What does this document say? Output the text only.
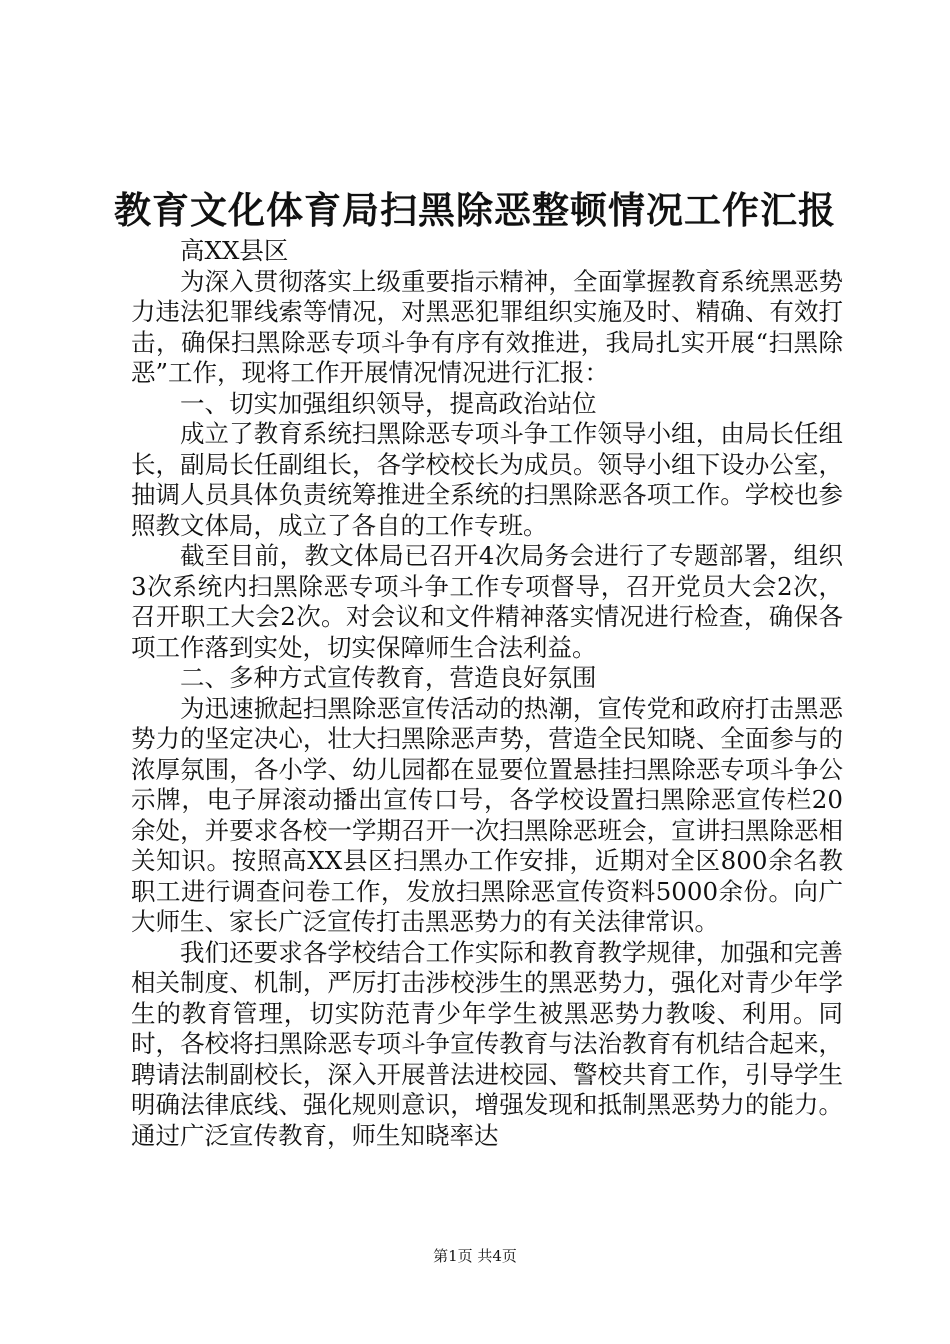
教育文化体育局扫黑除恶整顿情况工作汇报

高XX县区

为深入贯彻落实上级重要指示精神，全面掌握教育系统黑恶势力违法犯罪线索等情况，对黑恶犯罪组织实施及时、精确、有效打击，确保扫黑除恶专项斗争有序有效推进，我局扎实开展“扫黑除恶”工作，现将工作开展情况情况进行汇报：

一、切实加强组织领导，提高政治站位

成立了教育系统扫黑除恶专项斗争工作领导小组，由局长任组长，副局长任副组长，各学校校长为成员。领导小组下设办公室，抽调人员具体负责统筹推进全系统的扫黑除恶各项工作。学校也参照教文体局，成立了各自的工作专班。

截至目前，教文体局已召开4次局务会进行了专题部署，组织3次系统内扫黑除恶专项斗争工作专项督导，召开党员大会2次，召开职工大会2次。对会议和文件精神落实情况进行检查，确保各项工作落到实处，切实保障师生合法利益。

二、多种方式宣传教育，营造良好氛围

为迅速掀起扫黑除恶宣传活动的热潮，宣传党和政府打击黑恶势力的坚定决心，壮大扫黑除恶声势，营造全民知晓、全面参与的浓厚氛围，各小学、幼儿园都在显要位置悬挂扫黑除恶专项斗争公示牌，电子屏滚动播出宣传口号，各学校设置扫黑除恶宣传栏20余处，并要求各校一学期召开一次扫黑除恶班会，宣讲扫黑除恶相关知识。按照高XX县区扫黑办工作安排，近期对全区800余名教职工进行调查问卷工作，发放扫黑除恶宣传资料5000余份。向广大师生、家长广泛宣传打击黑恶势力的有关法律常识。

我们还要求各学校结合工作实际和教育教学规律，加强和完善相关制度、机制，严厉打击涉校涉生的黑恶势力，强化对青少年学生的教育管理，切实防范青少年学生被黑恶势力教唆、利用。同时，各校将扫黑除恶专项斗争宣传教育与法治教育有机结合起来，聘请法制副校长，深入开展普法进校园、警校共育工作，引导学生明确法律底线、强化规则意识，增强发现和抵制黑恶势力的能力。通过广泛宣传教育，师生知晓率达

第1页 共4页
